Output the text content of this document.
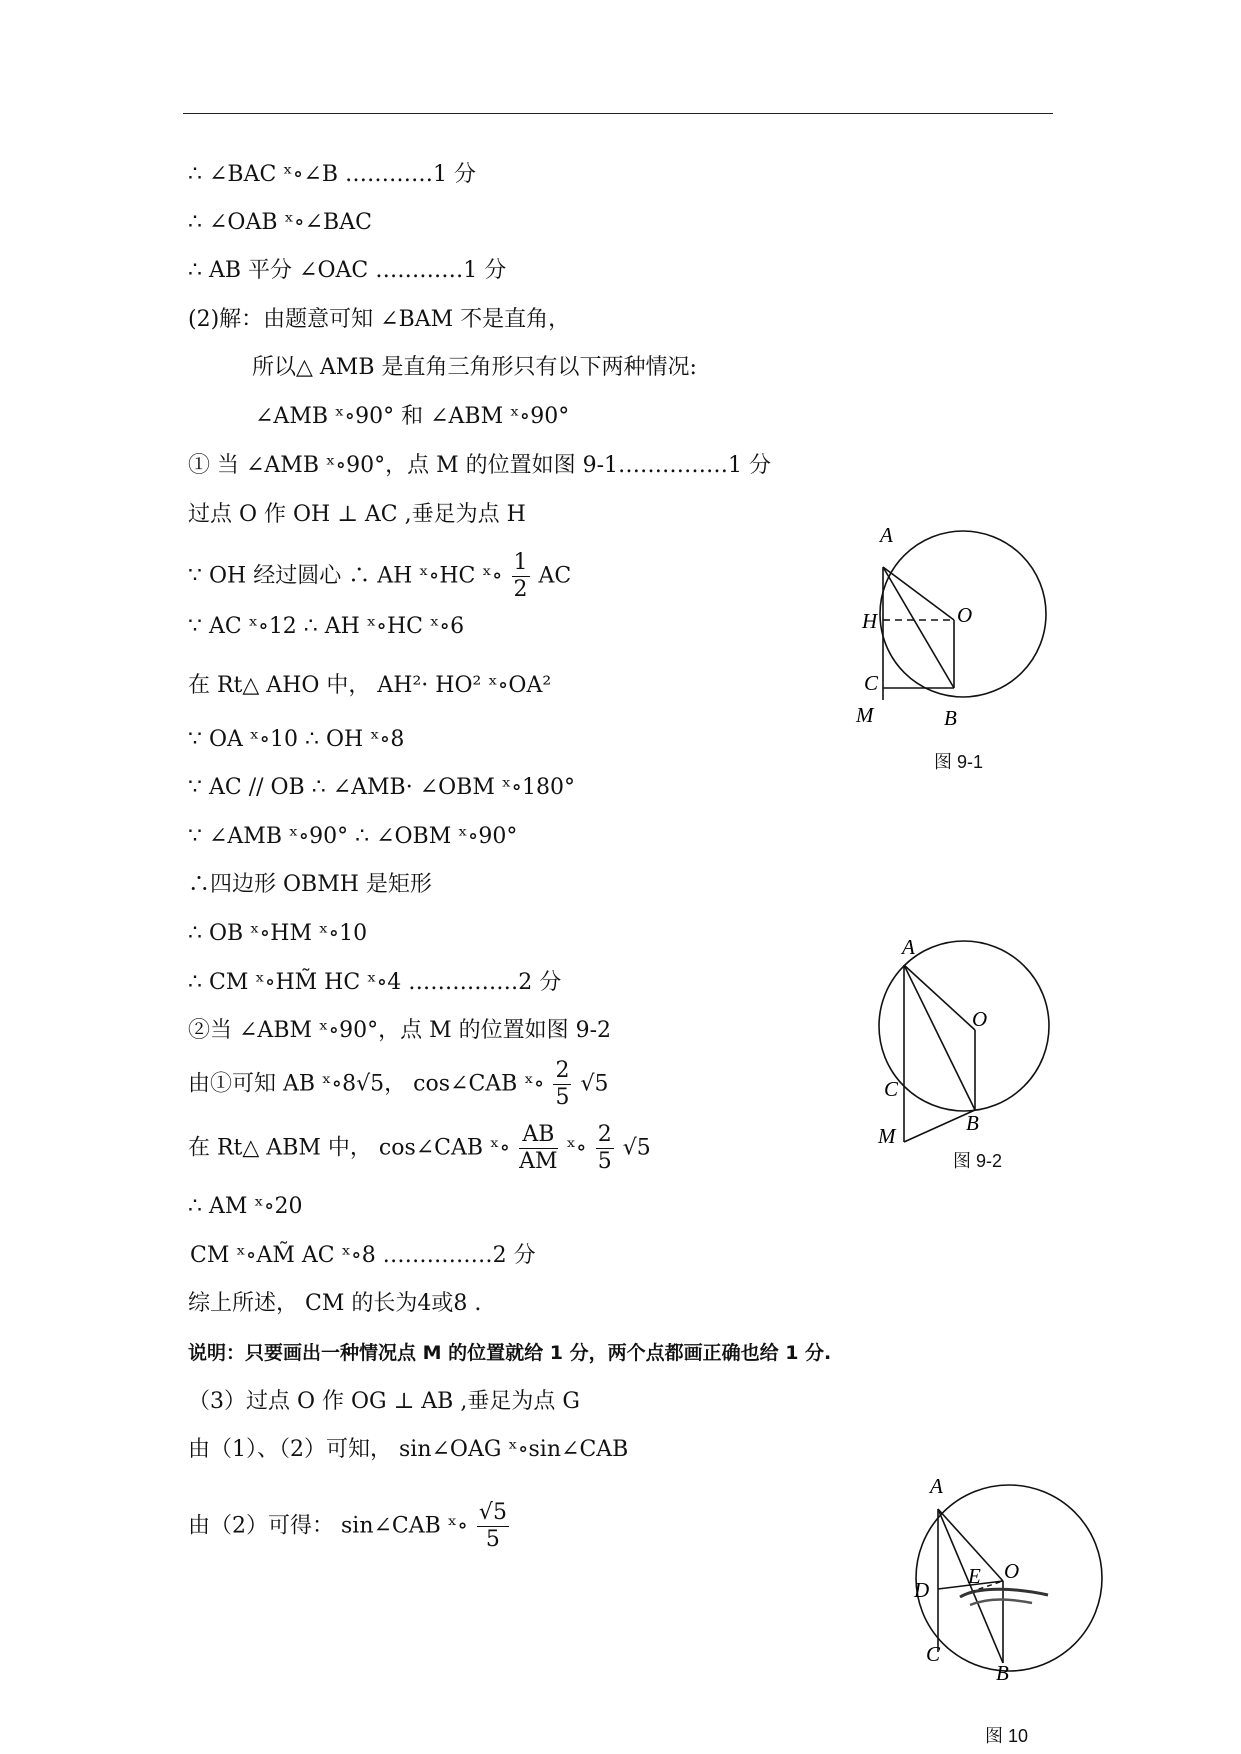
∴ ∠BAC ˣ∘∠B …………1 分
∴ ∠OAB ˣ∘∠BAC
∴ AB 平分 ∠OAC …………1 分
(2)解：由题意可知 ∠BAM 不是直角，
所以△ AMB 是直角三角形只有以下两种情况:
∠AMB ˣ∘90° 和 ∠ABM ˣ∘90°
① 当 ∠AMB ˣ∘90°，点 M 的位置如图 9-1……………1 分
过点 O 作 OH ⊥ AC ,垂足为点 H
∵ OH 经过圆心 ∴ AH ˣ∘HC ˣ∘ $\frac{1}{2}$ AC
∵ AC ˣ∘12 ∴ AH ˣ∘HC ˣ∘6
在 Rt△ AHO 中， AH²· HO² ˣ∘OA²
∵ OA ˣ∘10 ∴ OH ˣ∘8
∵ AC // OB ∴ ∠AMB· ∠OBM ˣ∘180°
∵ ∠AMB ˣ∘90° ∴ ∠OBM ˣ∘90°
∴四边形 OBMH 是矩形
∴ OB ˣ∘HM ˣ∘10
∴ CM ˣ∘HM̃ HC ˣ∘4 ……………2 分
②当 ∠ABM ˣ∘90°，点 M 的位置如图 9-2
由①可知 AB ˣ∘8√5， cos∠CAB ˣ∘ $\frac{2}{5} √5$
在 Rt△ ABM 中， cos∠CAB ˣ∘ $\frac{AB}{AM}$ ˣ∘ $\frac{2}{5} √5$
∴ AM ˣ∘20
CM ˣ∘AM̃ AC ˣ∘8 ……………2 分
综上所述， CM 的长为4或8 .
说明：只要画出一种情况点 M 的位置就给 1 分，两个点都画正确也给 1 分.
（3）过点 O 作 OG ⊥ AB ,垂足为点 G
由（1）、（2）可知， sin∠OAG ˣ∘sin∠CAB
由（2）可得： sin∠CAB ˣ∘ $\frac{√5}{5}$
A
H	O
C
M	B
图 9-1
A
O
C
M
B
图 9-2
A
D
E O
C
B
图 10
